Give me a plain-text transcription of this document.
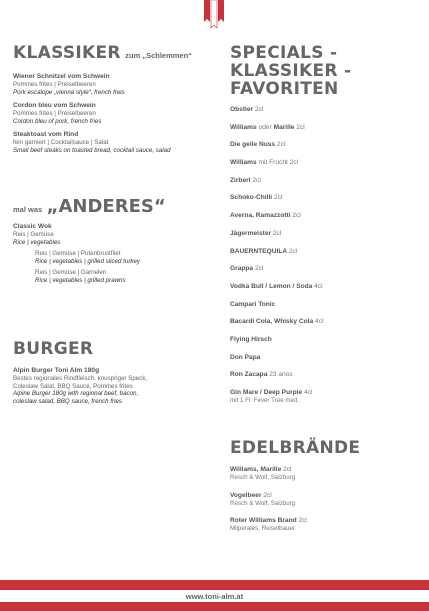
KLASSIKER zum „Schlemmen“
Wiener Schnitzel vom Schwein
Pommes frites | Preiselbeeren
Pork escalope „vienna style“, french fries
Cordon bleu vom Schwein
Pommes frites | Preiselbeeren
Cordon bleu of pork, french fries
Steaktoast vom Rind
fein garniert | Cocktailsauce | Salat
Small beef steaks on toasted bread, cocktail sauce, salad
mal was „ANDERES“
Classic Wok
Reis | Gemüse
Rice | vegetables
Reis | Gemüse | Putenbrustfilet
Rice | vegetables | grilled sliced turkey
Reis | Gemüse | Garnelen
Rice | vegetables | grilled prawns
BURGER
Alpin Burger Toni Alm 180g
Bestes regionales Rindfleisch, knuspriger Speck,
Coleslaw Salat, BBQ Sauce, Pommes frites
Alpine Burger 180g with regional beef, bacon,
coleslaw salad, BBQ sauce, french fries
SPECIALS - KLASSIKER -
FAVORITEN
Obstler 2cl
Williams oder Marille 2cl
Die geile Nuss 2cl
Williams mit Frucht 2cl
Zirberl 2cl
Schoko-Chilli 2cl
Averna, Ramazzotti 2cl
Jägermeister 2cl
BAUERNTEQUILA 2cl
Grappa 2cl
Vodka Bull / Lemon / Soda 4cl
Campari Tonic
Bacardi Cola, Whisky Cola 4cl
Flying Hirsch
Don Papa
Ron Zacapa 23 anos
Gin Mare / Deep Purple 4cl
mit 1 Fl. Fever Tree med.
EDELBRÄNDE
Williams, Marille 2cl
Resch & Wolf, Salzburg
Vogelbeer 2cl
Resch & Wolf, Salzburg
Roter Williams Brand 2cl
Milperales, Reisetbauer
www.toni-alm.at
